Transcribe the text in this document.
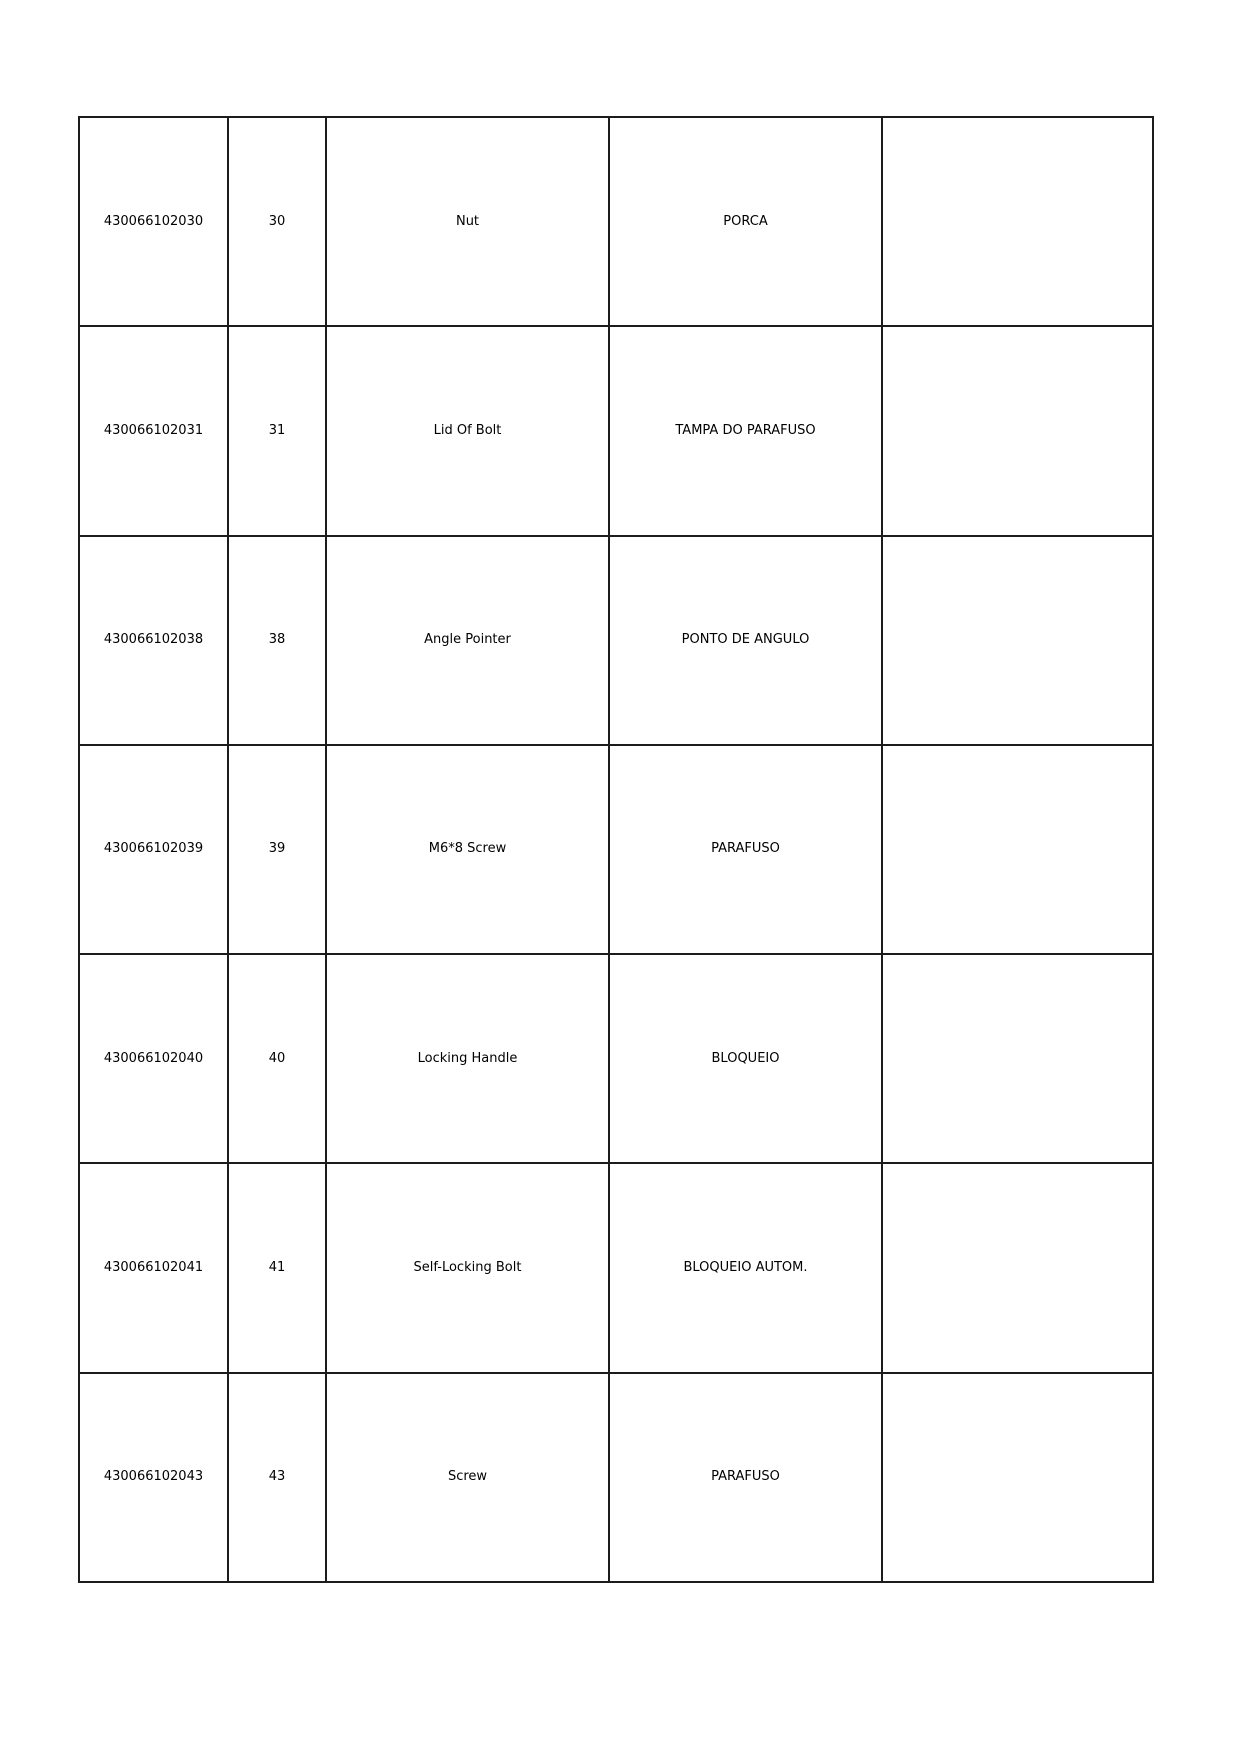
430066102030	30	Nut	PORCA	
430066102031	31	Lid Of Bolt	TAMPA DO PARAFUSO	
430066102038	38	Angle Pointer	PONTO DE ANGULO	
430066102039	39	M6*8 Screw	PARAFUSO	
430066102040	40	Locking Handle	BLOQUEIO	
430066102041	41	Self-Locking Bolt	BLOQUEIO AUTOM.	
430066102043	43	Screw	PARAFUSO	
